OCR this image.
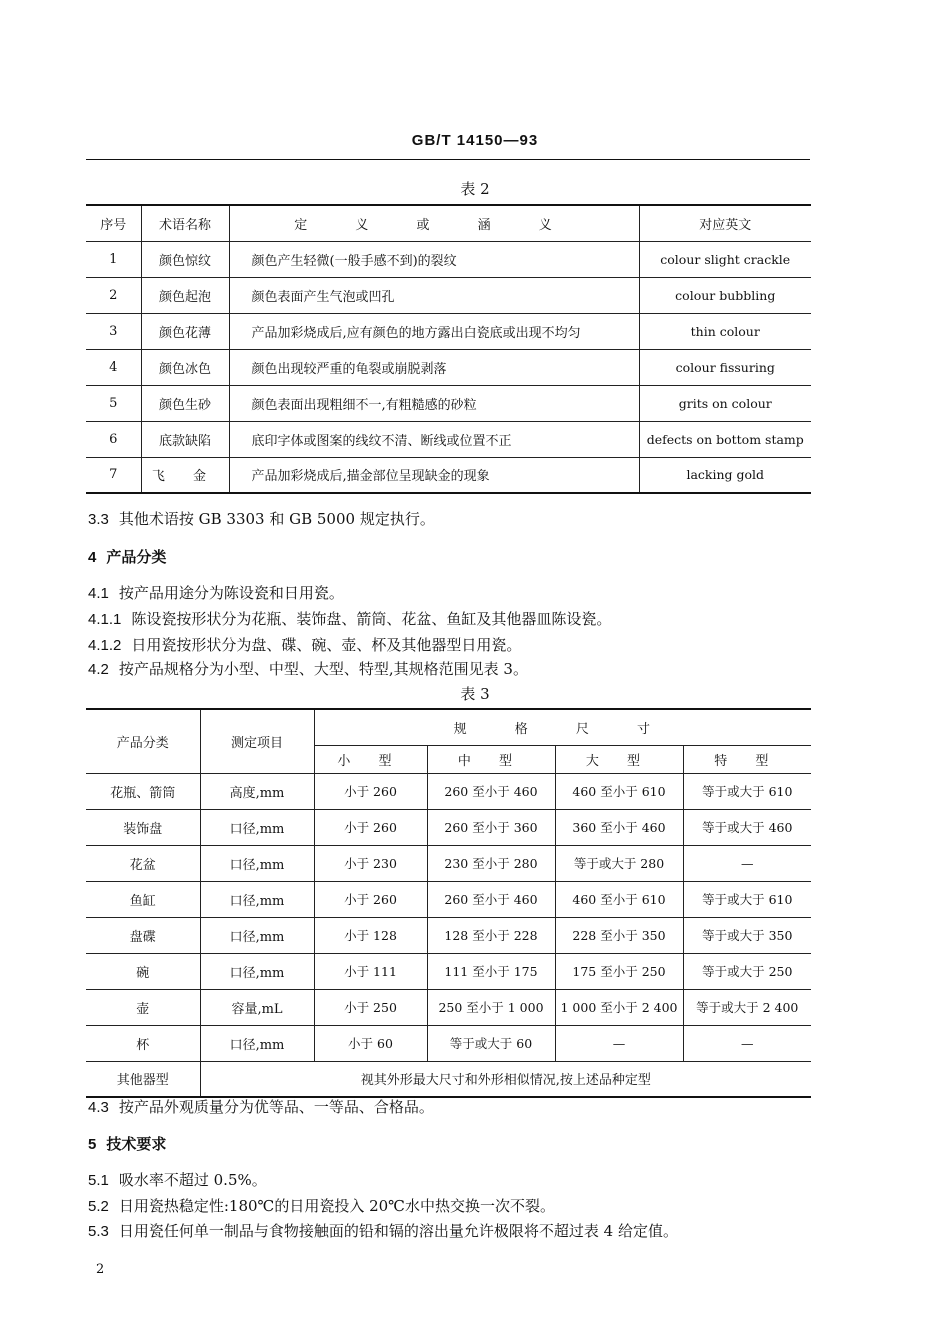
GB/T 14150—93
表 2
序号	术语名称	定 义 或 涵 义	对应英文
1	颜色惊纹	颜色产生轻微(一般手感不到)的裂纹	colour slight crackle
2	颜色起泡	颜色表面产生气泡或凹孔	colour bubbling
3	颜色花薄	产品加彩烧成后,应有颜色的地方露出白瓷底或出现不均匀	thin colour
4	颜色冰色	颜色出现较严重的龟裂或崩脱剥落	colour fissuring
5	颜色生砂	颜色表面出现粗细不一,有粗糙感的砂粒	grits on colour
6	底款缺陷	底印字体或图案的线纹不清、断线或位置不正	defects on bottom stamp
7	飞 金	产品加彩烧成后,描金部位呈现缺金的现象	lacking gold
3.3 其他术语按 GB 3303 和 GB 5000 规定执行。
4 产品分类
4.1 按产品用途分为陈设瓷和日用瓷。
4.1.1 陈设瓷按形状分为花瓶、装饰盘、箭筒、花盆、鱼缸及其他器皿陈设瓷。
4.1.2 日用瓷按形状分为盘、碟、碗、壶、杯及其他器型日用瓷。
4.2 按产品规格分为小型、中型、大型、特型,其规格范围见表 3。
表 3
产品分类	测定项目	规 格 尺 寸			
		小 型	中 型	大 型	特 型
花瓶、箭筒	高度,mm	小于 260	260 至小于 460	460 至小于 610	等于或大于 610
装饰盘	口径,mm	小于 260	260 至小于 360	360 至小于 460	等于或大于 460
花盆	口径,mm	小于 230	230 至小于 280	等于或大于 280	—
鱼缸	口径,mm	小于 260	260 至小于 460	460 至小于 610	等于或大于 610
盘碟	口径,mm	小于 128	128 至小于 228	228 至小于 350	等于或大于 350
碗	口径,mm	小于 111	111 至小于 175	175 至小于 250	等于或大于 250
壶	容量,mL	小于 250	250 至小于 1 000	1 000 至小于 2 400	等于或大于 2 400
杯	口径,mm	小于 60	等于或大于 60	—	—
其他器型	视其外形最大尺寸和外形相似情况,按上述品种定型				
4.3 按产品外观质量分为优等品、一等品、合格品。
5 技术要求
5.1 吸水率不超过 0.5%。
5.2 日用瓷热稳定性:180℃的日用瓷投入 20℃水中热交换一次不裂。
5.3 日用瓷任何单一制品与食物接触面的铅和镉的溶出量允许极限将不超过表 4 给定值。
2
